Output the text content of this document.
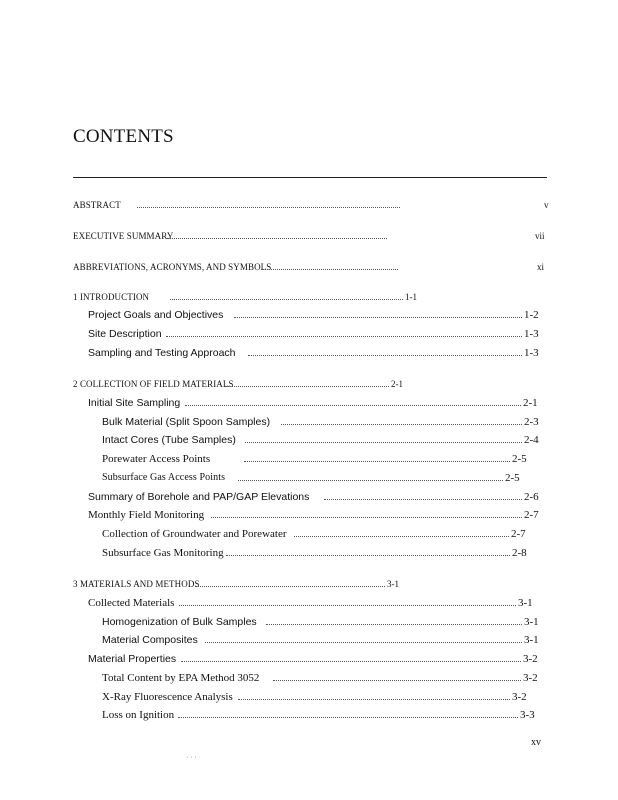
CONTENTS
ABSTRACT	v
EXECUTIVE SUMMARY	vii
ABBREVIATIONS, ACRONYMS, AND SYMBOLS	xi
1 INTRODUCTION	1-1
Project Goals and Objectives	1-2
Site Description	1-3
Sampling and Testing Approach	1-3
2 COLLECTION OF FIELD MATERIALS	2-1
Initial Site Sampling	2-1
Bulk Material (Split Spoon Samples)	2-3
Intact Cores (Tube Samples)	2-4
Porewater Access Points	2-5
Subsurface Gas Access Points	2-5
Summary of Borehole and PAP/GAP Elevations	2-6
Monthly Field Monitoring	2-7
Collection of Groundwater and Porewater	2-7
Subsurface Gas Monitoring	2-8
3 MATERIALS AND METHODS	3-1
Collected Materials	3-1
Homogenization of Bulk Samples	3-1
Material Composites	3-1
Material Properties	3-2
Total Content by EPA Method 3052	3-2
X-Ray Fluorescence Analysis	3-2
Loss on Ignition	3-3
xv
· · ·
